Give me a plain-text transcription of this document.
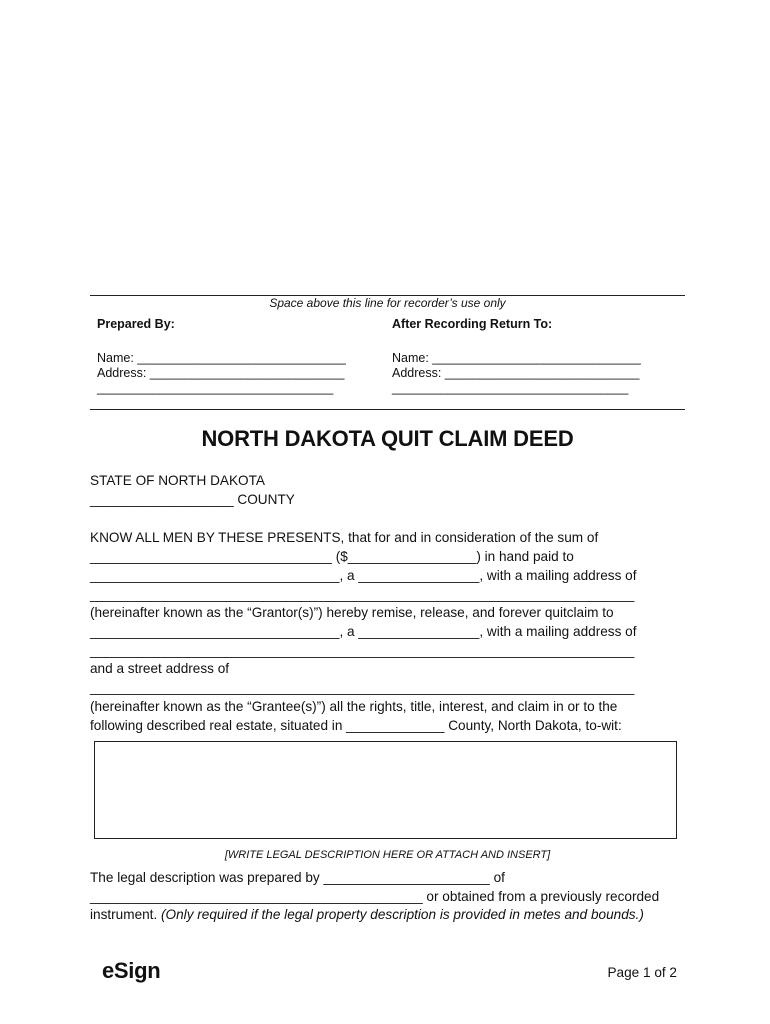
Space above this line for recorder’s use only
Prepared By:
Name: ______________________________
Address: ____________________________
__________________________________
After Recording Return To:
Name: ______________________________
Address: ____________________________
__________________________________
NORTH DAKOTA QUIT CLAIM DEED
STATE OF NORTH DAKOTA
___________________ COUNTY
KNOW ALL MEN BY THESE PRESENTS, that for and in consideration of the sum of
________________________________ ($_________________) in hand paid to
_________________________________, a ________________, with a mailing address of
________________________________________________________________________
(hereinafter known as the “Grantor(s)”) hereby remise, release, and forever quitclaim to
_________________________________, a ________________, with a mailing address of
________________________________________________________________________
and a street address of
________________________________________________________________________
(hereinafter known as the “Grantee(s)”) all the rights, title, interest, and claim in or to the
following described real estate, situated in _____________ County, North Dakota, to-wit:
[WRITE LEGAL DESCRIPTION HERE OR ATTACH AND INSERT]
The legal description was prepared by ______________________ of
____________________________________________ or obtained from a previously recorded
instrument. (Only required if the legal property description is provided in metes and bounds.)
eSign	Page 1 of 2
